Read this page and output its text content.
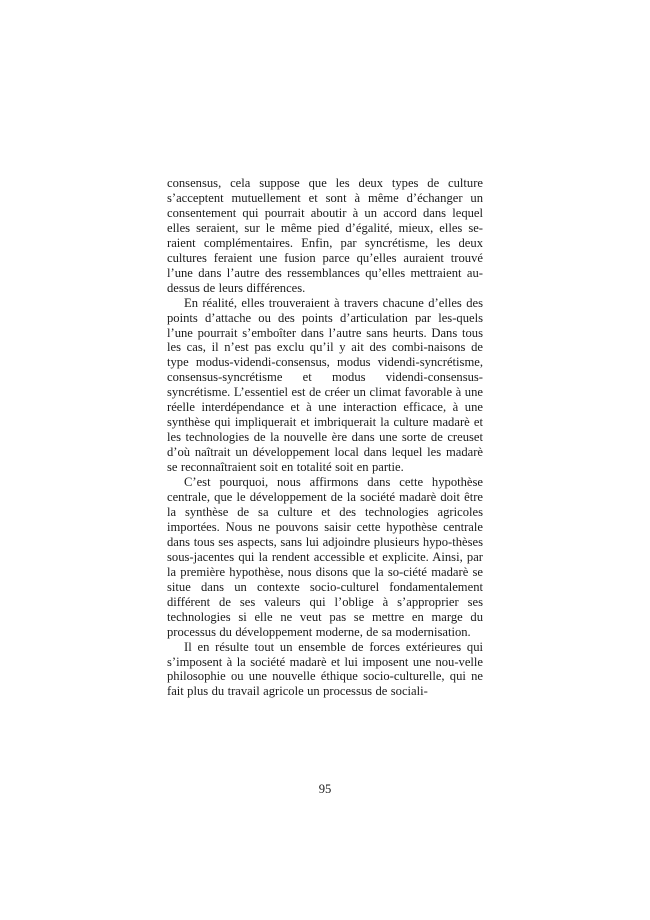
consensus, cela suppose que les deux types de culture s’acceptent mutuellement et sont à même d’échanger un consentement qui pourrait aboutir à un accord dans lequel elles seraient, sur le même pied d’égalité, mieux, elles se-raient complémentaires. Enfin, par syncrétisme, les deux cultures feraient une fusion parce qu’elles auraient trouvé l’une dans l’autre des ressemblances qu’elles mettraient au-dessus de leurs différences.

En réalité, elles trouveraient à travers chacune d’elles des points d’attache ou des points d’articulation par les-quels l’une pourrait s’emboîter dans l’autre sans heurts. Dans tous les cas, il n’est pas exclu qu’il y ait des combi-naisons de type modus-videndi-consensus, modus videndi-syncrétisme, consensus-syncrétisme et modus videndi-consensus-syncrétisme. L’essentiel est de créer un climat favorable à une réelle interdépendance et à une interaction efficace, à une synthèse qui impliquerait et imbriquerait la culture madarè et les technologies de la nouvelle ère dans une sorte de creuset d’où naîtrait un développement local dans lequel les madarè se reconnaîtraient soit en totalité soit en partie.

C’est pourquoi, nous affirmons dans cette hypothèse centrale, que le développement de la société madarè doit être la synthèse de sa culture et des technologies agricoles importées. Nous ne pouvons saisir cette hypothèse centrale dans tous ses aspects, sans lui adjoindre plusieurs hypo-thèses sous-jacentes qui la rendent accessible et explicite. Ainsi, par la première hypothèse, nous disons que la so-ciété madarè se situe dans un contexte socio-culturel fondamentalement différent de ses valeurs qui l’oblige à s’approprier ses technologies si elle ne veut pas se mettre en marge du processus du développement moderne, de sa modernisation.

Il en résulte tout un ensemble de forces extérieures qui s’imposent à la société madarè et lui imposent une nou-velle philosophie ou une nouvelle éthique socio-culturelle, qui ne fait plus du travail agricole un processus de sociali-

95
